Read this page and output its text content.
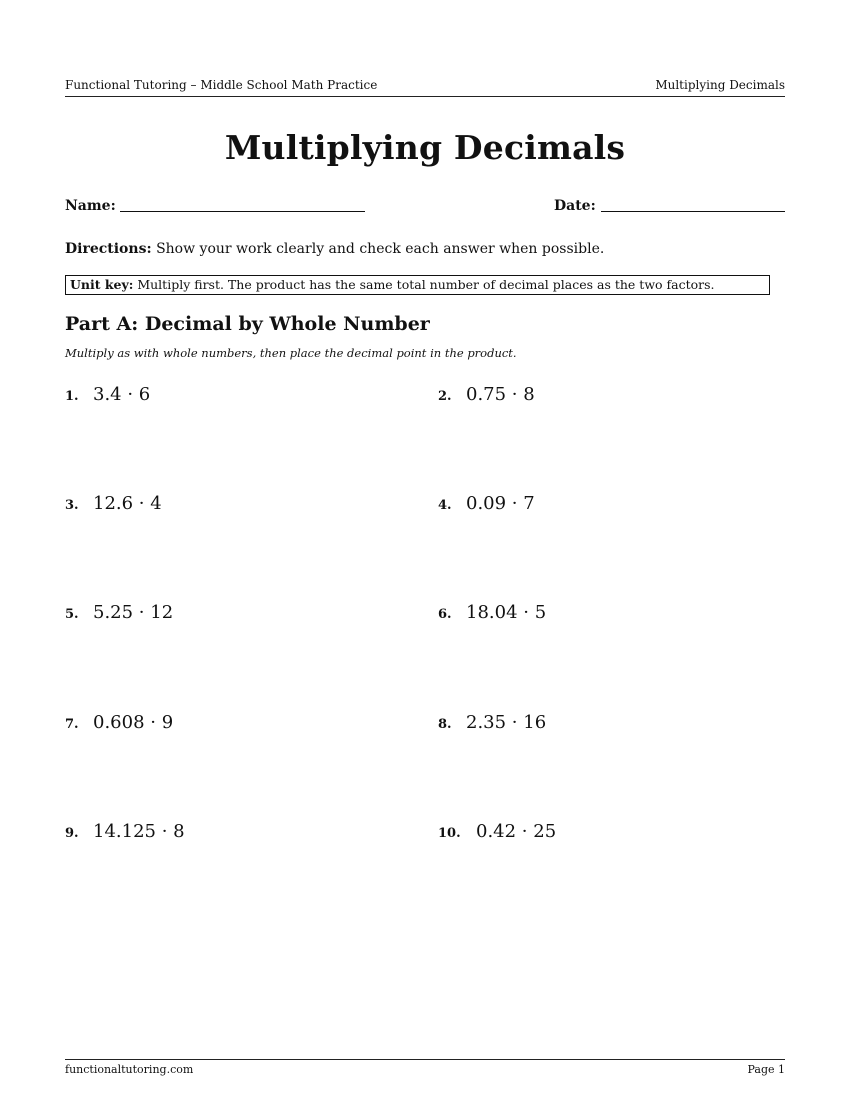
Functional Tutoring – Middle School Math Practice	Multiplying Decimals
Multiplying Decimals
Name:	Date:
Directions: Show your work clearly and check each answer when possible.
Unit key: Multiply first. The product has the same total number of decimal places as the two factors.
Part A: Decimal by Whole Number
Multiply as with whole numbers, then place the decimal point in the product.
1. 3.4 · 6	2. 0.75 · 8
3. 12.6 · 4	4. 0.09 · 7
5. 5.25 · 12	6. 18.04 · 5
7. 0.608 · 9	8. 2.35 · 16
9. 14.125 · 8	10. 0.42 · 25
functionaltutoring.com	Page 1
